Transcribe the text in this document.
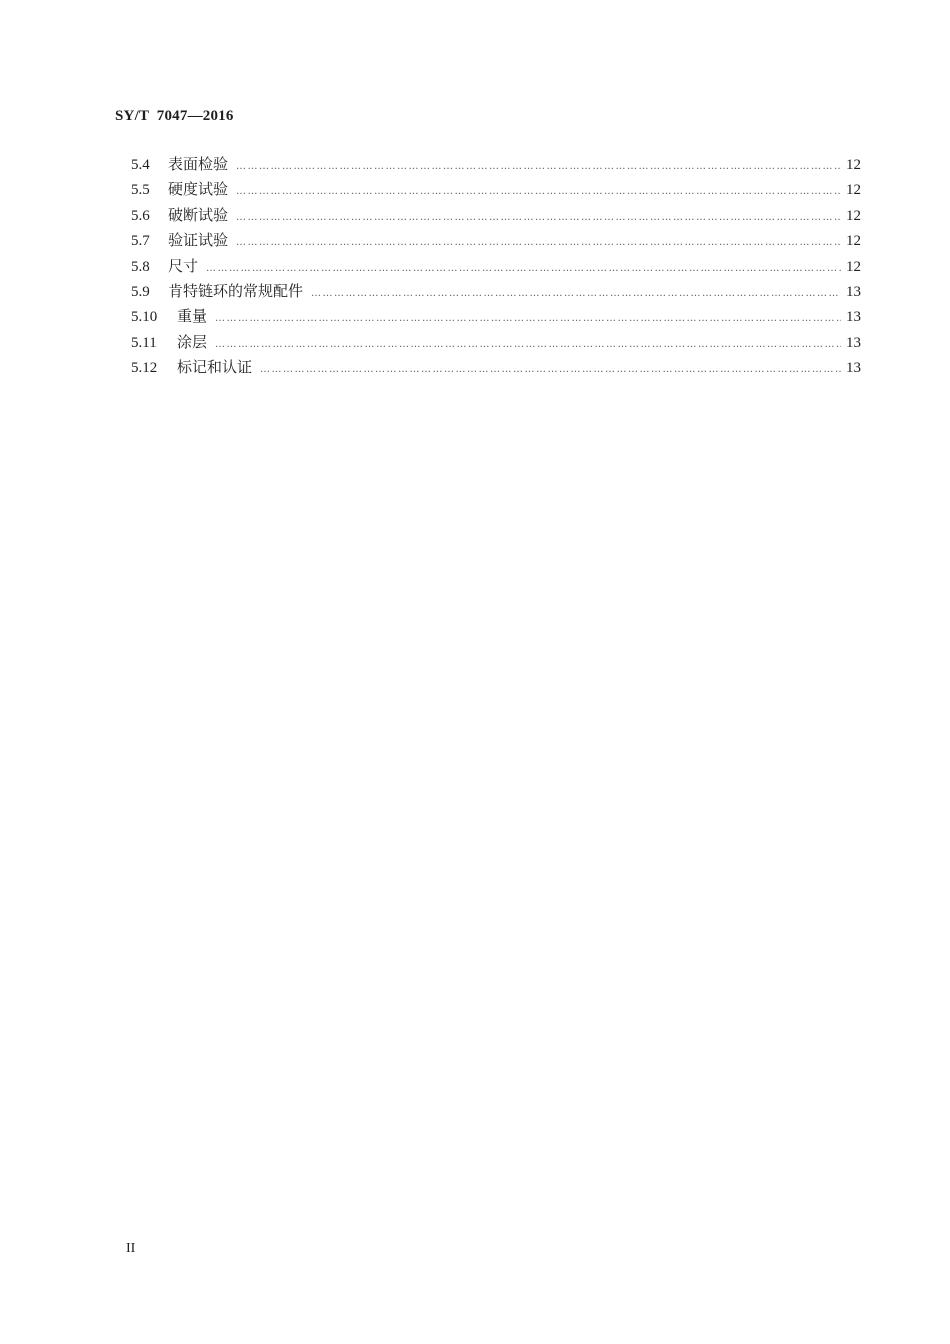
SY/T  7047—2016
5.4	表面检验 …………………………………………………………………………………………………………………………………………………………………………………………………………………………………………………………………………………………	12
5.5	硬度试验 …………………………………………………………………………………………………………………………………………………………………………………………………………………………………………………………………………………………	12
5.6	破断试验 …………………………………………………………………………………………………………………………………………………………………………………………………………………………………………………………………………………………	12
5.7	验证试验 …………………………………………………………………………………………………………………………………………………………………………………………………………………………………………………………………………………………	12
5.8	尺寸 …………………………………………………………………………………………………………………………………………………………………………………………………………………………………………………………………………………………	12
5.9	肯特链环的常规配件 …………………………………………………………………………………………………………………………………………………………………………………………………………………………………………………………………………………………	13
5.10	重量 …………………………………………………………………………………………………………………………………………………………………………………………………………………………………………………………………………………………	13
5.11	涂层 …………………………………………………………………………………………………………………………………………………………………………………………………………………………………………………………………………………………	13
5.12	标记和认证 …………………………………………………………………………………………………………………………………………………………………………………………………………………………………………………………………………………………	13
II
